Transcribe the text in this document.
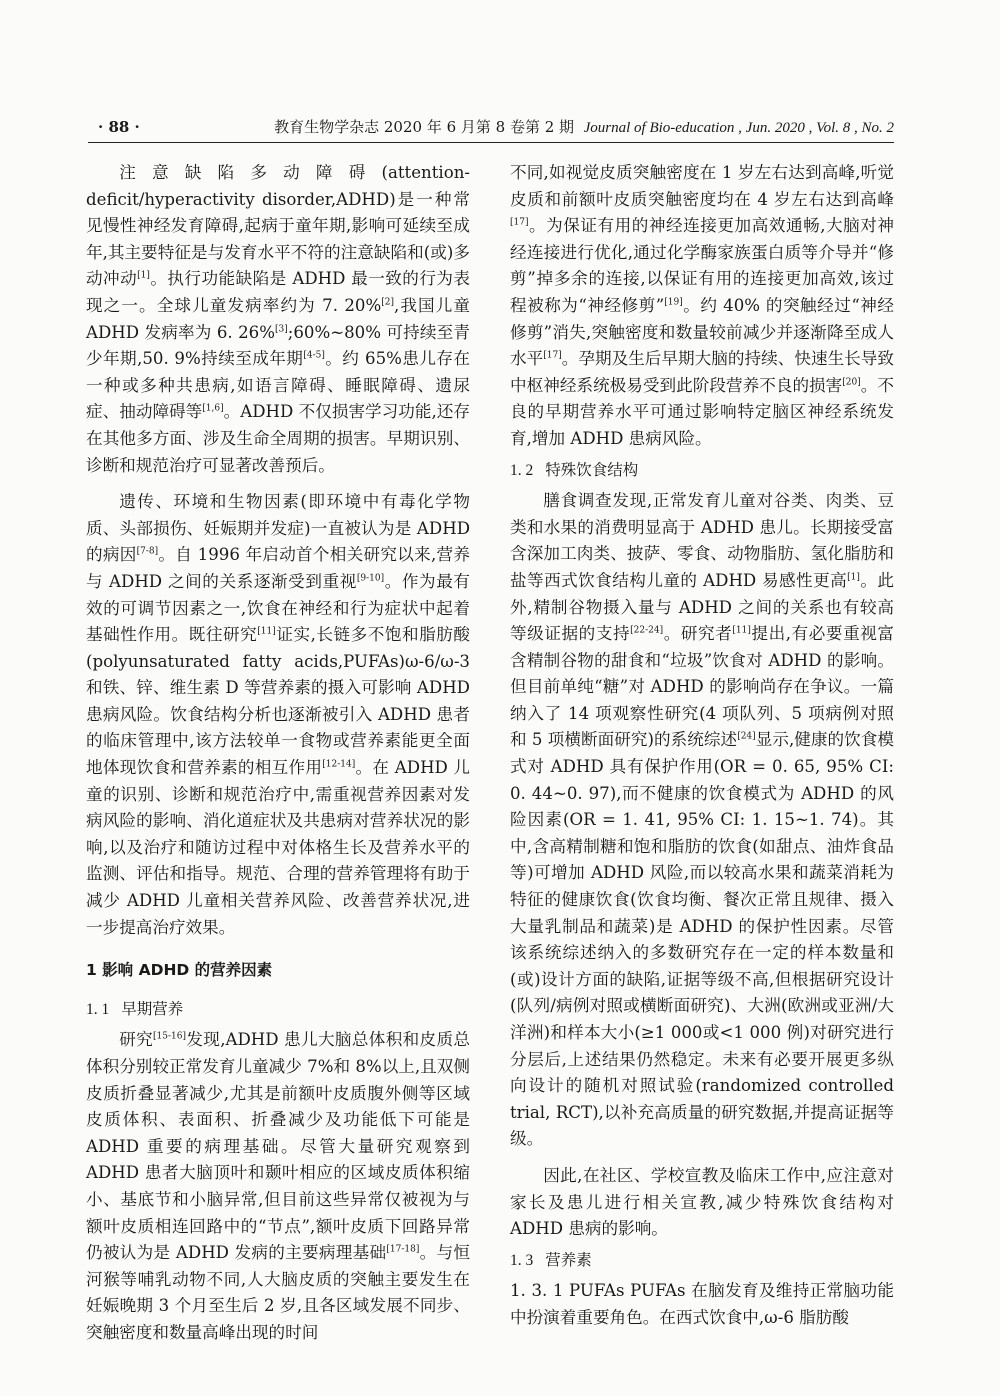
· 88 ·	教育生物学杂志 2020 年 6 月第 8 卷第 2 期 Journal of Bio-education , Jun. 2020 , Vol. 8 , No. 2

注意缺陷多动障碍(attention-deficit/hyperactivity disorder,ADHD)是一种常见慢性神经发育障碍,起病于童年期,影响可延续至成年,其主要特征是与发育水平不符的注意缺陷和(或)多动冲动[1]。执行功能缺陷是 ADHD 最一致的行为表现之一。全球儿童发病率约为 7. 20%[2],我国儿童 ADHD 发病率为 6. 26%[3];60%~80% 可持续至青少年期,50. 9%持续至成年期[4-5]。约 65%患儿存在一种或多种共患病,如语言障碍、睡眠障碍、遗尿症、抽动障碍等[1,6]。ADHD 不仅损害学习功能,还存在其他多方面、涉及生命全周期的损害。早期识别、诊断和规范治疗可显著改善预后。

遗传、环境和生物因素(即环境中有毒化学物质、头部损伤、妊娠期并发症)一直被认为是 ADHD 的病因[7-8]。自 1996 年启动首个相关研究以来,营养与 ADHD 之间的关系逐渐受到重视[9-10]。作为最有效的可调节因素之一,饮食在神经和行为症状中起着基础性作用。既往研究[11]证实,长链多不饱和脂肪酸(polyunsaturated fatty acids,PUFAs)ω-6/ω-3 和铁、锌、维生素 D 等营养素的摄入可影响 ADHD 患病风险。饮食结构分析也逐渐被引入 ADHD 患者的临床管理中,该方法较单一食物或营养素能更全面地体现饮食和营养素的相互作用[12-14]。在 ADHD 儿童的识别、诊断和规范治疗中,需重视营养因素对发病风险的影响、消化道症状及共患病对营养状况的影响,以及治疗和随访过程中对体格生长及营养水平的监测、评估和指导。规范、合理的营养管理将有助于减少 ADHD 儿童相关营养风险、改善营养状况,进一步提高治疗效果。

1 影响 ADHD 的营养因素
1. 1 早期营养

研究[15-16]发现,ADHD 患儿大脑总体积和皮质总体积分别较正常发育儿童减少 7%和 8%以上,且双侧皮质折叠显著减少,尤其是前额叶皮质腹外侧等区域皮质体积、表面积、折叠减少及功能低下可能是 ADHD 重要的病理基础。尽管大量研究观察到 ADHD 患者大脑顶叶和颞叶相应的区域皮质体积缩小、基底节和小脑异常,但目前这些异常仅被视为与额叶皮质相连回路中的“节点”,额叶皮质下回路异常仍被认为是 ADHD 发病的主要病理基础[17-18]。与恒河猴等哺乳动物不同,人大脑皮质的突触主要发生在妊娠晚期 3 个月至生后 2 岁,且各区域发展不同步、突触密度和数量高峰出现的时间

不同,如视觉皮质突触密度在 1 岁左右达到高峰,听觉皮质和前额叶皮质突触密度均在 4 岁左右达到高峰[17]。为保证有用的神经连接更加高效通畅,大脑对神经连接进行优化,通过化学酶家族蛋白质等介导并“修剪”掉多余的连接,以保证有用的连接更加高效,该过程被称为“神经修剪”[19]。约 40% 的突触经过“神经修剪”消失,突触密度和数量较前减少并逐渐降至成人水平[17]。孕期及生后早期大脑的持续、快速生长导致中枢神经系统极易受到此阶段营养不良的损害[20]。不良的早期营养水平可通过影响特定脑区神经系统发育,增加 ADHD 患病风险。

1. 2 特殊饮食结构

膳食调查发现,正常发育儿童对谷类、肉类、豆类和水果的消费明显高于 ADHD 患儿。长期接受富含深加工肉类、披萨、零食、动物脂肪、氢化脂肪和盐等西式饮食结构儿童的 ADHD 易感性更高[1]。此外,精制谷物摄入量与 ADHD 之间的关系也有较高等级证据的支持[22-24]。研究者[11]提出,有必要重视富含精制谷物的甜食和“垃圾”饮食对 ADHD 的影响。但目前单纯“糖”对 ADHD 的影响尚存在争议。一篇纳入了 14 项观察性研究(4 项队列、5 项病例对照和 5 项横断面研究)的系统综述[24]显示,健康的饮食模式对 ADHD 具有保护作用(OR = 0. 65, 95% CI: 0. 44~0. 97),而不健康的饮食模式为 ADHD 的风险因素(OR = 1. 41, 95% CI: 1. 15~1. 74)。其中,含高精制糖和饱和脂肪的饮食(如甜点、油炸食品等)可增加 ADHD 风险,而以较高水果和蔬菜消耗为特征的健康饮食(饮食均衡、餐次正常且规律、摄入大量乳制品和蔬菜)是 ADHD 的保护性因素。尽管该系统综述纳入的多数研究存在一定的样本数量和(或)设计方面的缺陷,证据等级不高,但根据研究设计(队列/病例对照或横断面研究)、大洲(欧洲或亚洲/大洋洲)和样本大小(≥1 000或<1 000 例)对研究进行分层后,上述结果仍然稳定。未来有必要开展更多纵向设计的随机对照试验(randomized controlled trial, RCT),以补充高质量的研究数据,并提高证据等级。

因此,在社区、学校宣教及临床工作中,应注意对家长及患儿进行相关宣教,减少特殊饮食结构对 ADHD 患病的影响。

1. 3 营养素

1. 3. 1 PUFAs PUFAs 在脑发育及维持正常脑功能中扮演着重要角色。在西式饮食中,ω-6 脂肪酸
